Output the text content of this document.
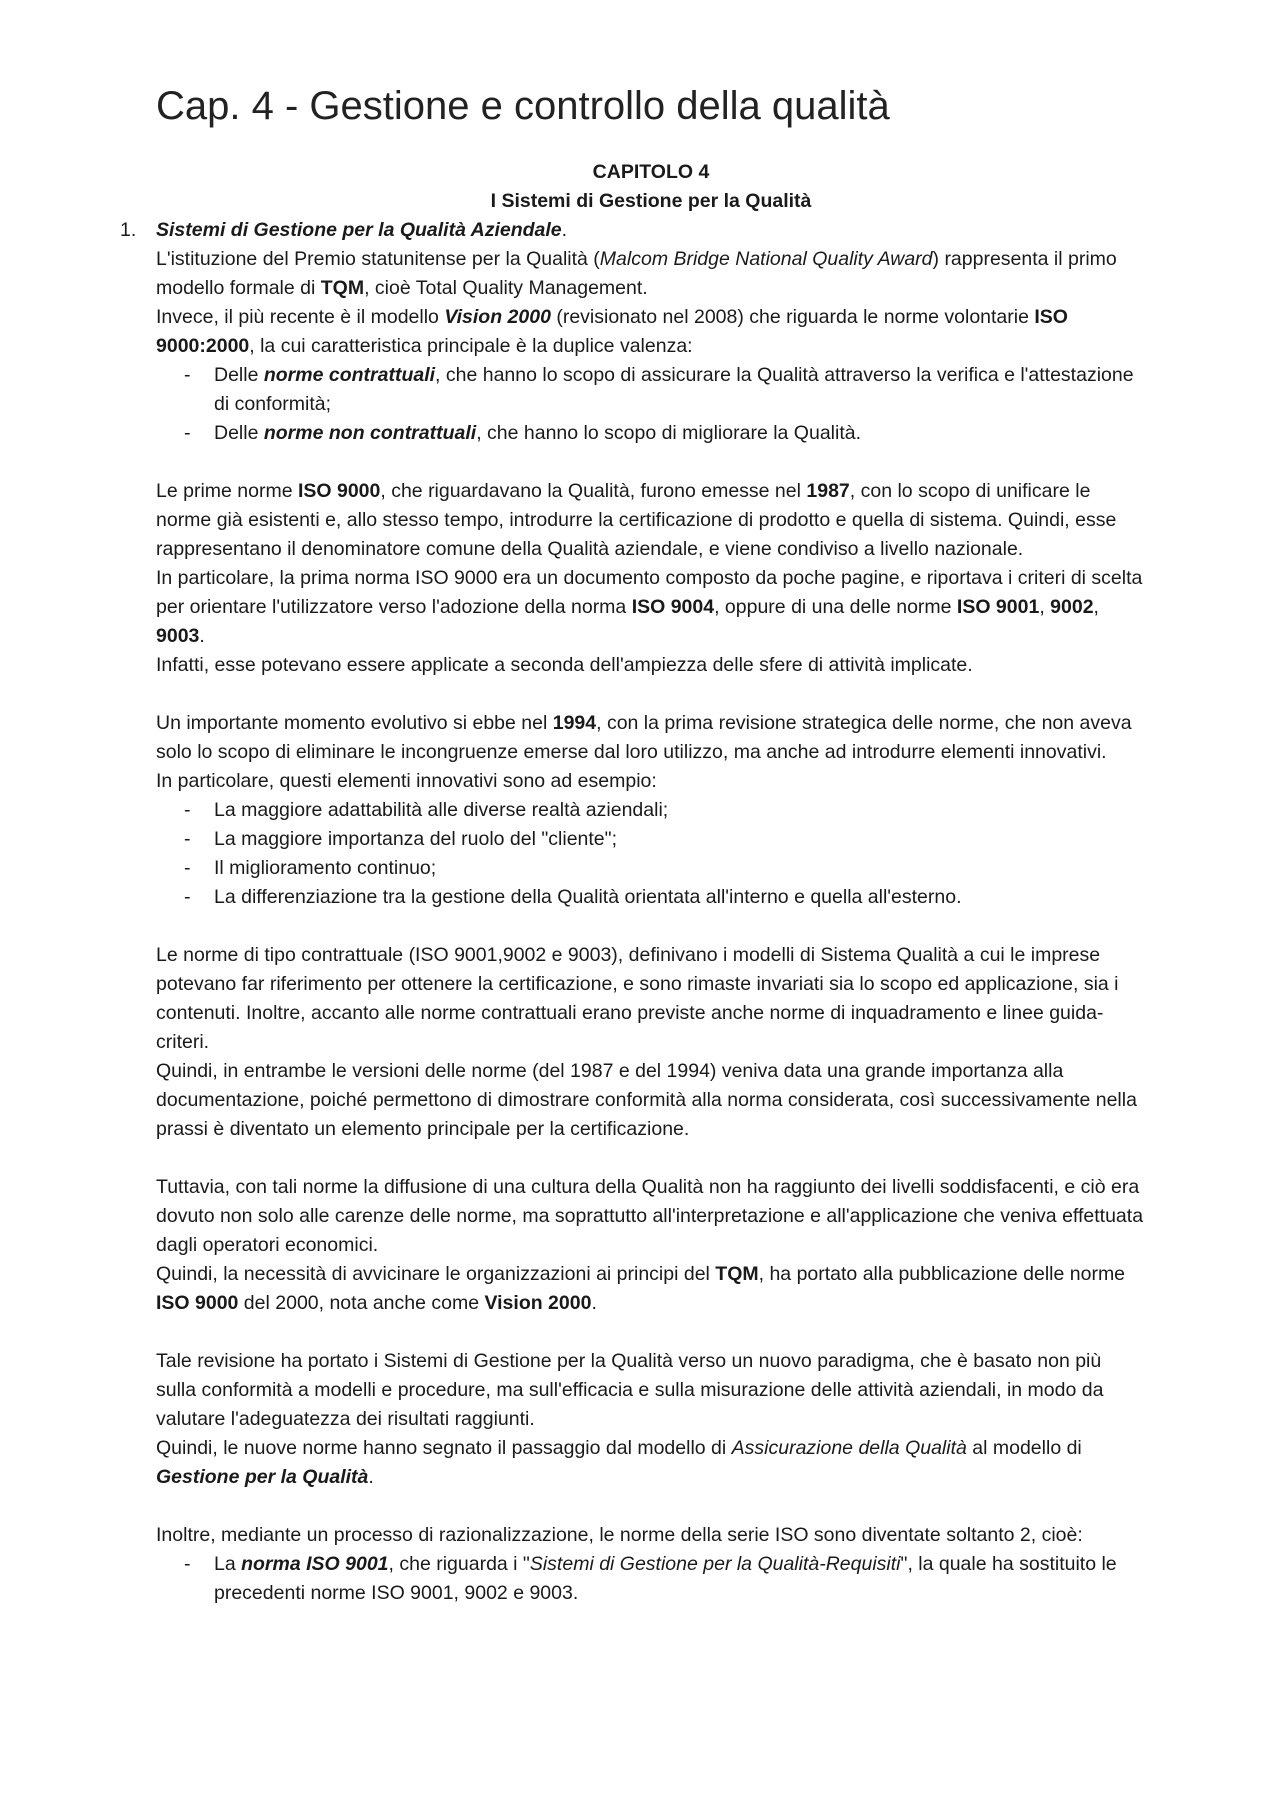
Cap. 4 - Gestione e controllo della qualità
CAPITOLO 4
I Sistemi di Gestione per la Qualità
1. Sistemi di Gestione per la Qualità Aziendale.

L'istituzione del Premio statunitense per la Qualità (Malcom Bridge National Quality Award) rappresenta il primo modello formale di TQM, cioè Total Quality Management.

Invece, il più recente è il modello Vision 2000 (revisionato nel 2008) che riguarda le norme volontarie ISO 9000:2000, la cui caratteristica principale è la duplice valenza:

- Delle norme contrattuali, che hanno lo scopo di assicurare la Qualità attraverso la verifica e l'attestazione di conformità;
- Delle norme non contrattuali, che hanno lo scopo di migliorare la Qualità.

Le prime norme ISO 9000, che riguardavano la Qualità, furono emesse nel 1987, con lo scopo di unificare le norme già esistenti e, allo stesso tempo, introdurre la certificazione di prodotto e quella di sistema. Quindi, esse rappresentano il denominatore comune della Qualità aziendale, e viene condiviso a livello nazionale.

In particolare, la prima norma ISO 9000 era un documento composto da poche pagine, e riportava i criteri di scelta per orientare l'utilizzatore verso l'adozione della norma ISO 9004, oppure di una delle norme ISO 9001, 9002, 9003.

Infatti, esse potevano essere applicate a seconda dell'ampiezza delle sfere di attività implicate.

Un importante momento evolutivo si ebbe nel 1994, con la prima revisione strategica delle norme, che non aveva solo lo scopo di eliminare le incongruenze emerse dal loro utilizzo, ma anche ad introdurre elementi innovativi.

In particolare, questi elementi innovativi sono ad esempio:

- La maggiore adattabilità alle diverse realtà aziendali;
- La maggiore importanza del ruolo del "cliente";
- Il miglioramento continuo;
- La differenziazione tra la gestione della Qualità orientata all'interno e quella all'esterno.

Le norme di tipo contrattuale (ISO 9001,9002 e 9003), definivano i modelli di Sistema Qualità a cui le imprese potevano far riferimento per ottenere la certificazione, e sono rimaste invariati sia lo scopo ed applicazione, sia i contenuti. Inoltre, accanto alle norme contrattuali erano previste anche norme di inquadramento e linee guida-criteri.

Quindi, in entrambe le versioni delle norme (del 1987 e del 1994) veniva data una grande importanza alla documentazione, poiché permettono di dimostrare conformità alla norma considerata, così successivamente nella prassi è diventato un elemento principale per la certificazione.

Tuttavia, con tali norme la diffusione di una cultura della Qualità non ha raggiunto dei livelli soddisfacenti, e ciò era dovuto non solo alle carenze delle norme, ma soprattutto all'interpretazione e all'applicazione che veniva effettuata dagli operatori economici.

Quindi, la necessità di avvicinare le organizzazioni ai principi del TQM, ha portato alla pubblicazione delle norme ISO 9000 del 2000, nota anche come Vision 2000.

Tale revisione ha portato i Sistemi di Gestione per la Qualità verso un nuovo paradigma, che è basato non più sulla conformità a modelli e procedure, ma sull'efficacia e sulla misurazione delle attività aziendali, in modo da valutare l'adeguatezza dei risultati raggiunti.

Quindi, le nuove norme hanno segnato il passaggio dal modello di Assicurazione della Qualità al modello di Gestione per la Qualità.

Inoltre, mediante un processo di razionalizzazione, le norme della serie ISO sono diventate soltanto 2, cioè:

- La norma ISO 9001, che riguarda i "Sistemi di Gestione per la Qualità-Requisiti", la quale ha sostituito le precedenti norme ISO 9001, 9002 e 9003.
